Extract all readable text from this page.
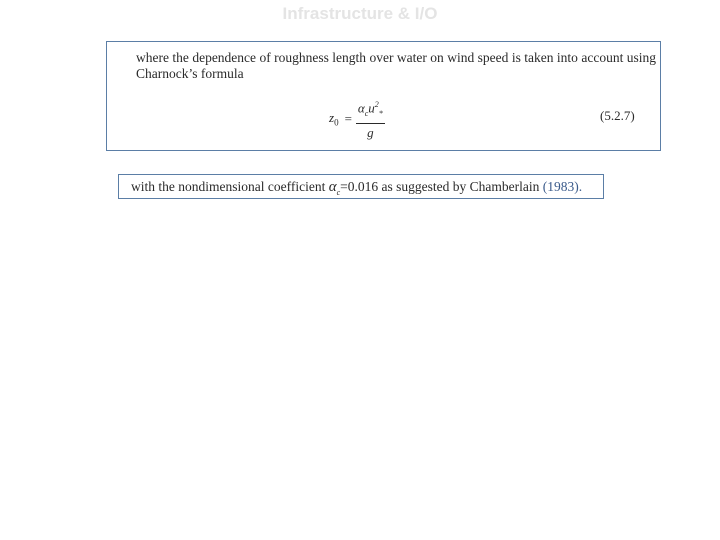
Infrastructure & I/O
where the dependence of roughness length over water on wind speed is taken into account using Charnock’s formula
$z_0 = \frac{\alpha_cu^2_*}{g}$	(5.2.7)
with the nondimensional coefficient $\alpha_c=0.016$ as suggested by Chamberlain (1983).
